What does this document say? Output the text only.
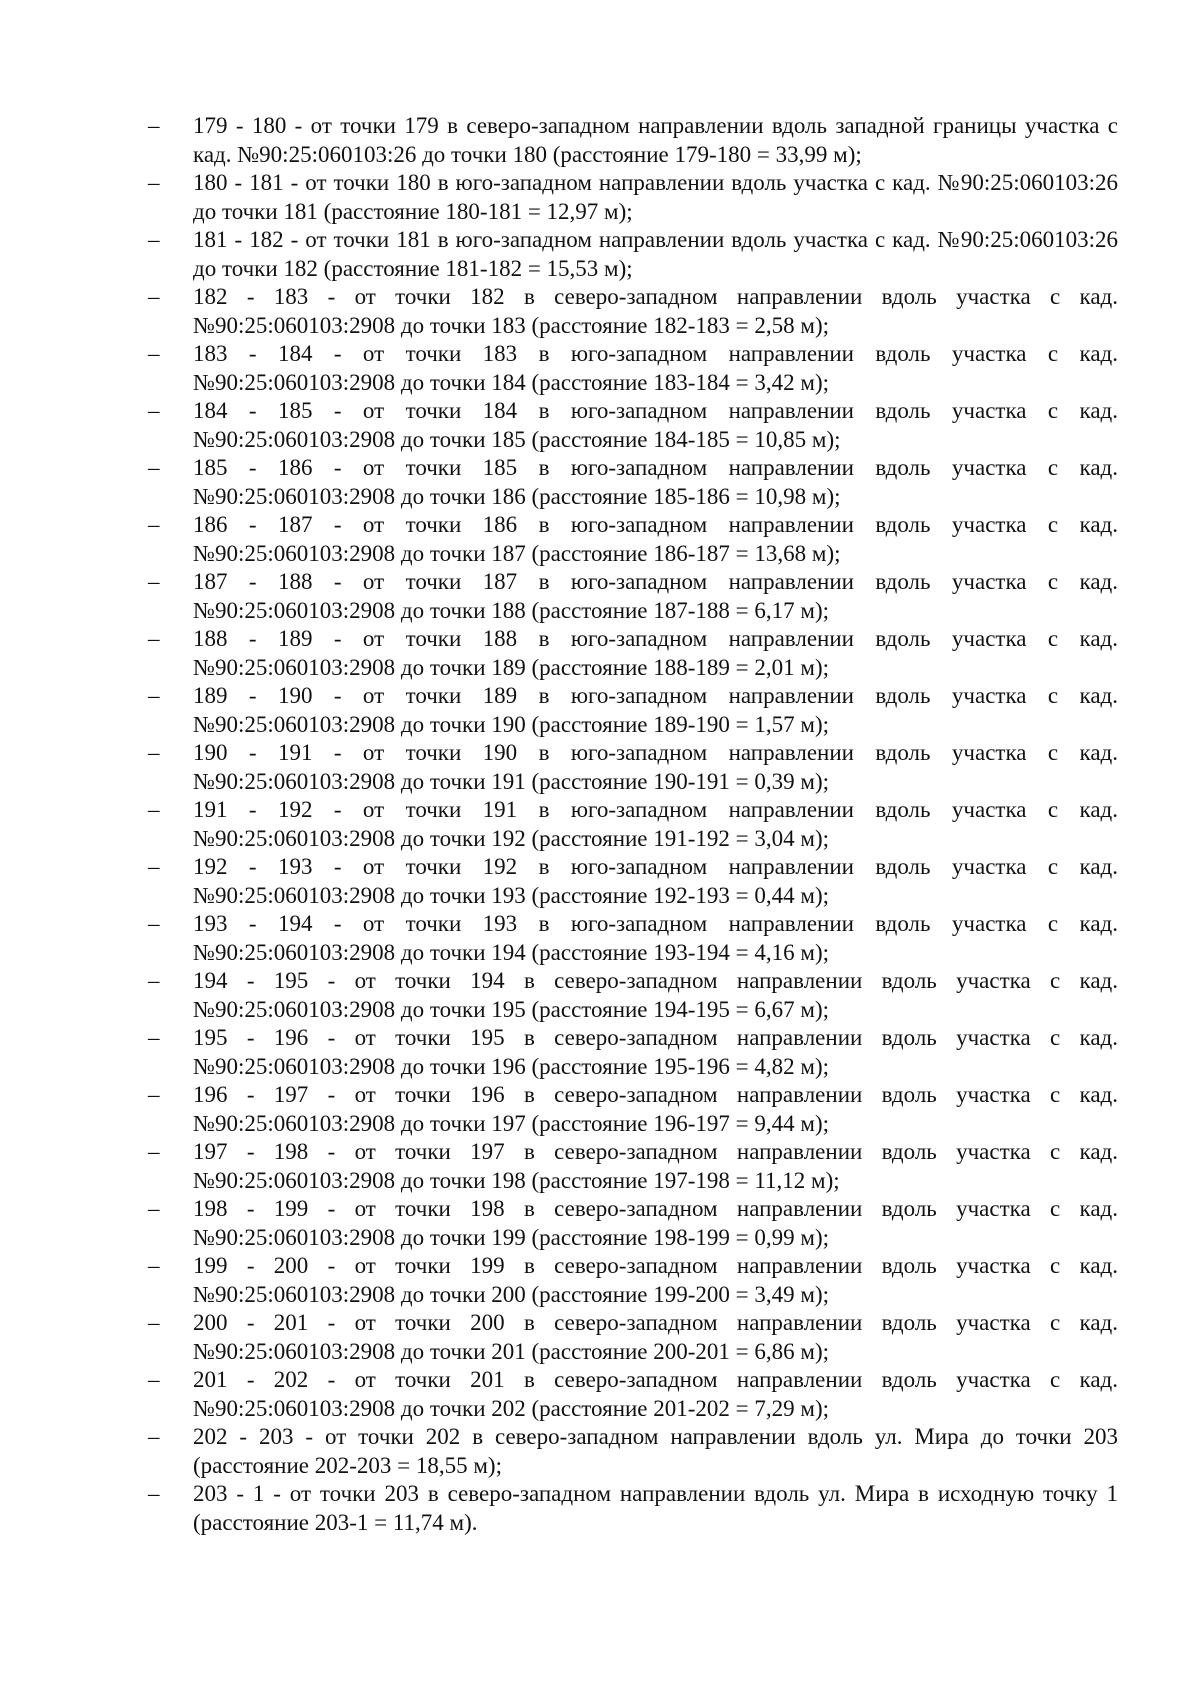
–	179 - 180 - от точки 179 в северо-западном направлении вдоль западной границы участка с кад. №90:25:060103:26 до точки 180 (расстояние 179-180 = 33,99 м);
–	180 - 181 - от точки 180 в юго-западном направлении вдоль участка с кад. №90:25:060103:26 до точки 181 (расстояние 180-181 = 12,97 м);
–	181 - 182 - от точки 181 в юго-западном направлении вдоль участка с кад. №90:25:060103:26 до точки 182 (расстояние 181-182 = 15,53 м);
–	182 - 183 - от точки 182 в северо-западном направлении вдоль участка с кад. №90:25:060103:2908 до точки 183 (расстояние 182-183 = 2,58 м);
–	183 - 184 - от точки 183 в юго-западном направлении вдоль участка с кад. №90:25:060103:2908 до точки 184 (расстояние 183-184 = 3,42 м);
–	184 - 185 - от точки 184 в юго-западном направлении вдоль участка с кад. №90:25:060103:2908 до точки 185 (расстояние 184-185 = 10,85 м);
–	185 - 186 - от точки 185 в юго-западном направлении вдоль участка с кад. №90:25:060103:2908 до точки 186 (расстояние 185-186 = 10,98 м);
–	186 - 187 - от точки 186 в юго-западном направлении вдоль участка с кад. №90:25:060103:2908 до точки 187 (расстояние 186-187 = 13,68 м);
–	187 - 188 - от точки 187 в юго-западном направлении вдоль участка с кад. №90:25:060103:2908 до точки 188 (расстояние 187-188 = 6,17 м);
–	188 - 189 - от точки 188 в юго-западном направлении вдоль участка с кад. №90:25:060103:2908 до точки 189 (расстояние 188-189 = 2,01 м);
–	189 - 190 - от точки 189 в юго-западном направлении вдоль участка с кад. №90:25:060103:2908 до точки 190 (расстояние 189-190 = 1,57 м);
–	190 - 191 - от точки 190 в юго-западном направлении вдоль участка с кад. №90:25:060103:2908 до точки 191 (расстояние 190-191 = 0,39 м);
–	191 - 192 - от точки 191 в юго-западном направлении вдоль участка с кад. №90:25:060103:2908 до точки 192 (расстояние 191-192 = 3,04 м);
–	192 - 193 - от точки 192 в юго-западном направлении вдоль участка с кад. №90:25:060103:2908 до точки 193 (расстояние 192-193 = 0,44 м);
–	193 - 194 - от точки 193 в юго-западном направлении вдоль участка с кад. №90:25:060103:2908 до точки 194 (расстояние 193-194 = 4,16 м);
–	194 - 195 - от точки 194 в северо-западном направлении вдоль участка с кад. №90:25:060103:2908 до точки 195 (расстояние 194-195 = 6,67 м);
–	195 - 196 - от точки 195 в северо-западном направлении вдоль участка с кад. №90:25:060103:2908 до точки 196 (расстояние 195-196 = 4,82 м);
–	196 - 197 - от точки 196 в северо-западном направлении вдоль участка с кад. №90:25:060103:2908 до точки 197 (расстояние 196-197 = 9,44 м);
–	197 - 198 - от точки 197 в северо-западном направлении вдоль участка с кад. №90:25:060103:2908 до точки 198 (расстояние 197-198 = 11,12 м);
–	198 - 199 - от точки 198 в северо-западном направлении вдоль участка с кад. №90:25:060103:2908 до точки 199 (расстояние 198-199 = 0,99 м);
–	199 - 200 - от точки 199 в северо-западном направлении вдоль участка с кад. №90:25:060103:2908 до точки 200 (расстояние 199-200 = 3,49 м);
–	200 - 201 - от точки 200 в северо-западном направлении вдоль участка с кад. №90:25:060103:2908 до точки 201 (расстояние 200-201 = 6,86 м);
–	201 - 202 - от точки 201 в северо-западном направлении вдоль участка с кад. №90:25:060103:2908 до точки 202 (расстояние 201-202 = 7,29 м);
–	202 - 203 - от точки 202 в северо-западном направлении вдоль ул. Мира до точки 203 (расстояние 202-203 = 18,55 м);
–	203 - 1 - от точки 203 в северо-западном направлении вдоль ул. Мира в исходную точку 1 (расстояние 203-1 = 11,74 м).
